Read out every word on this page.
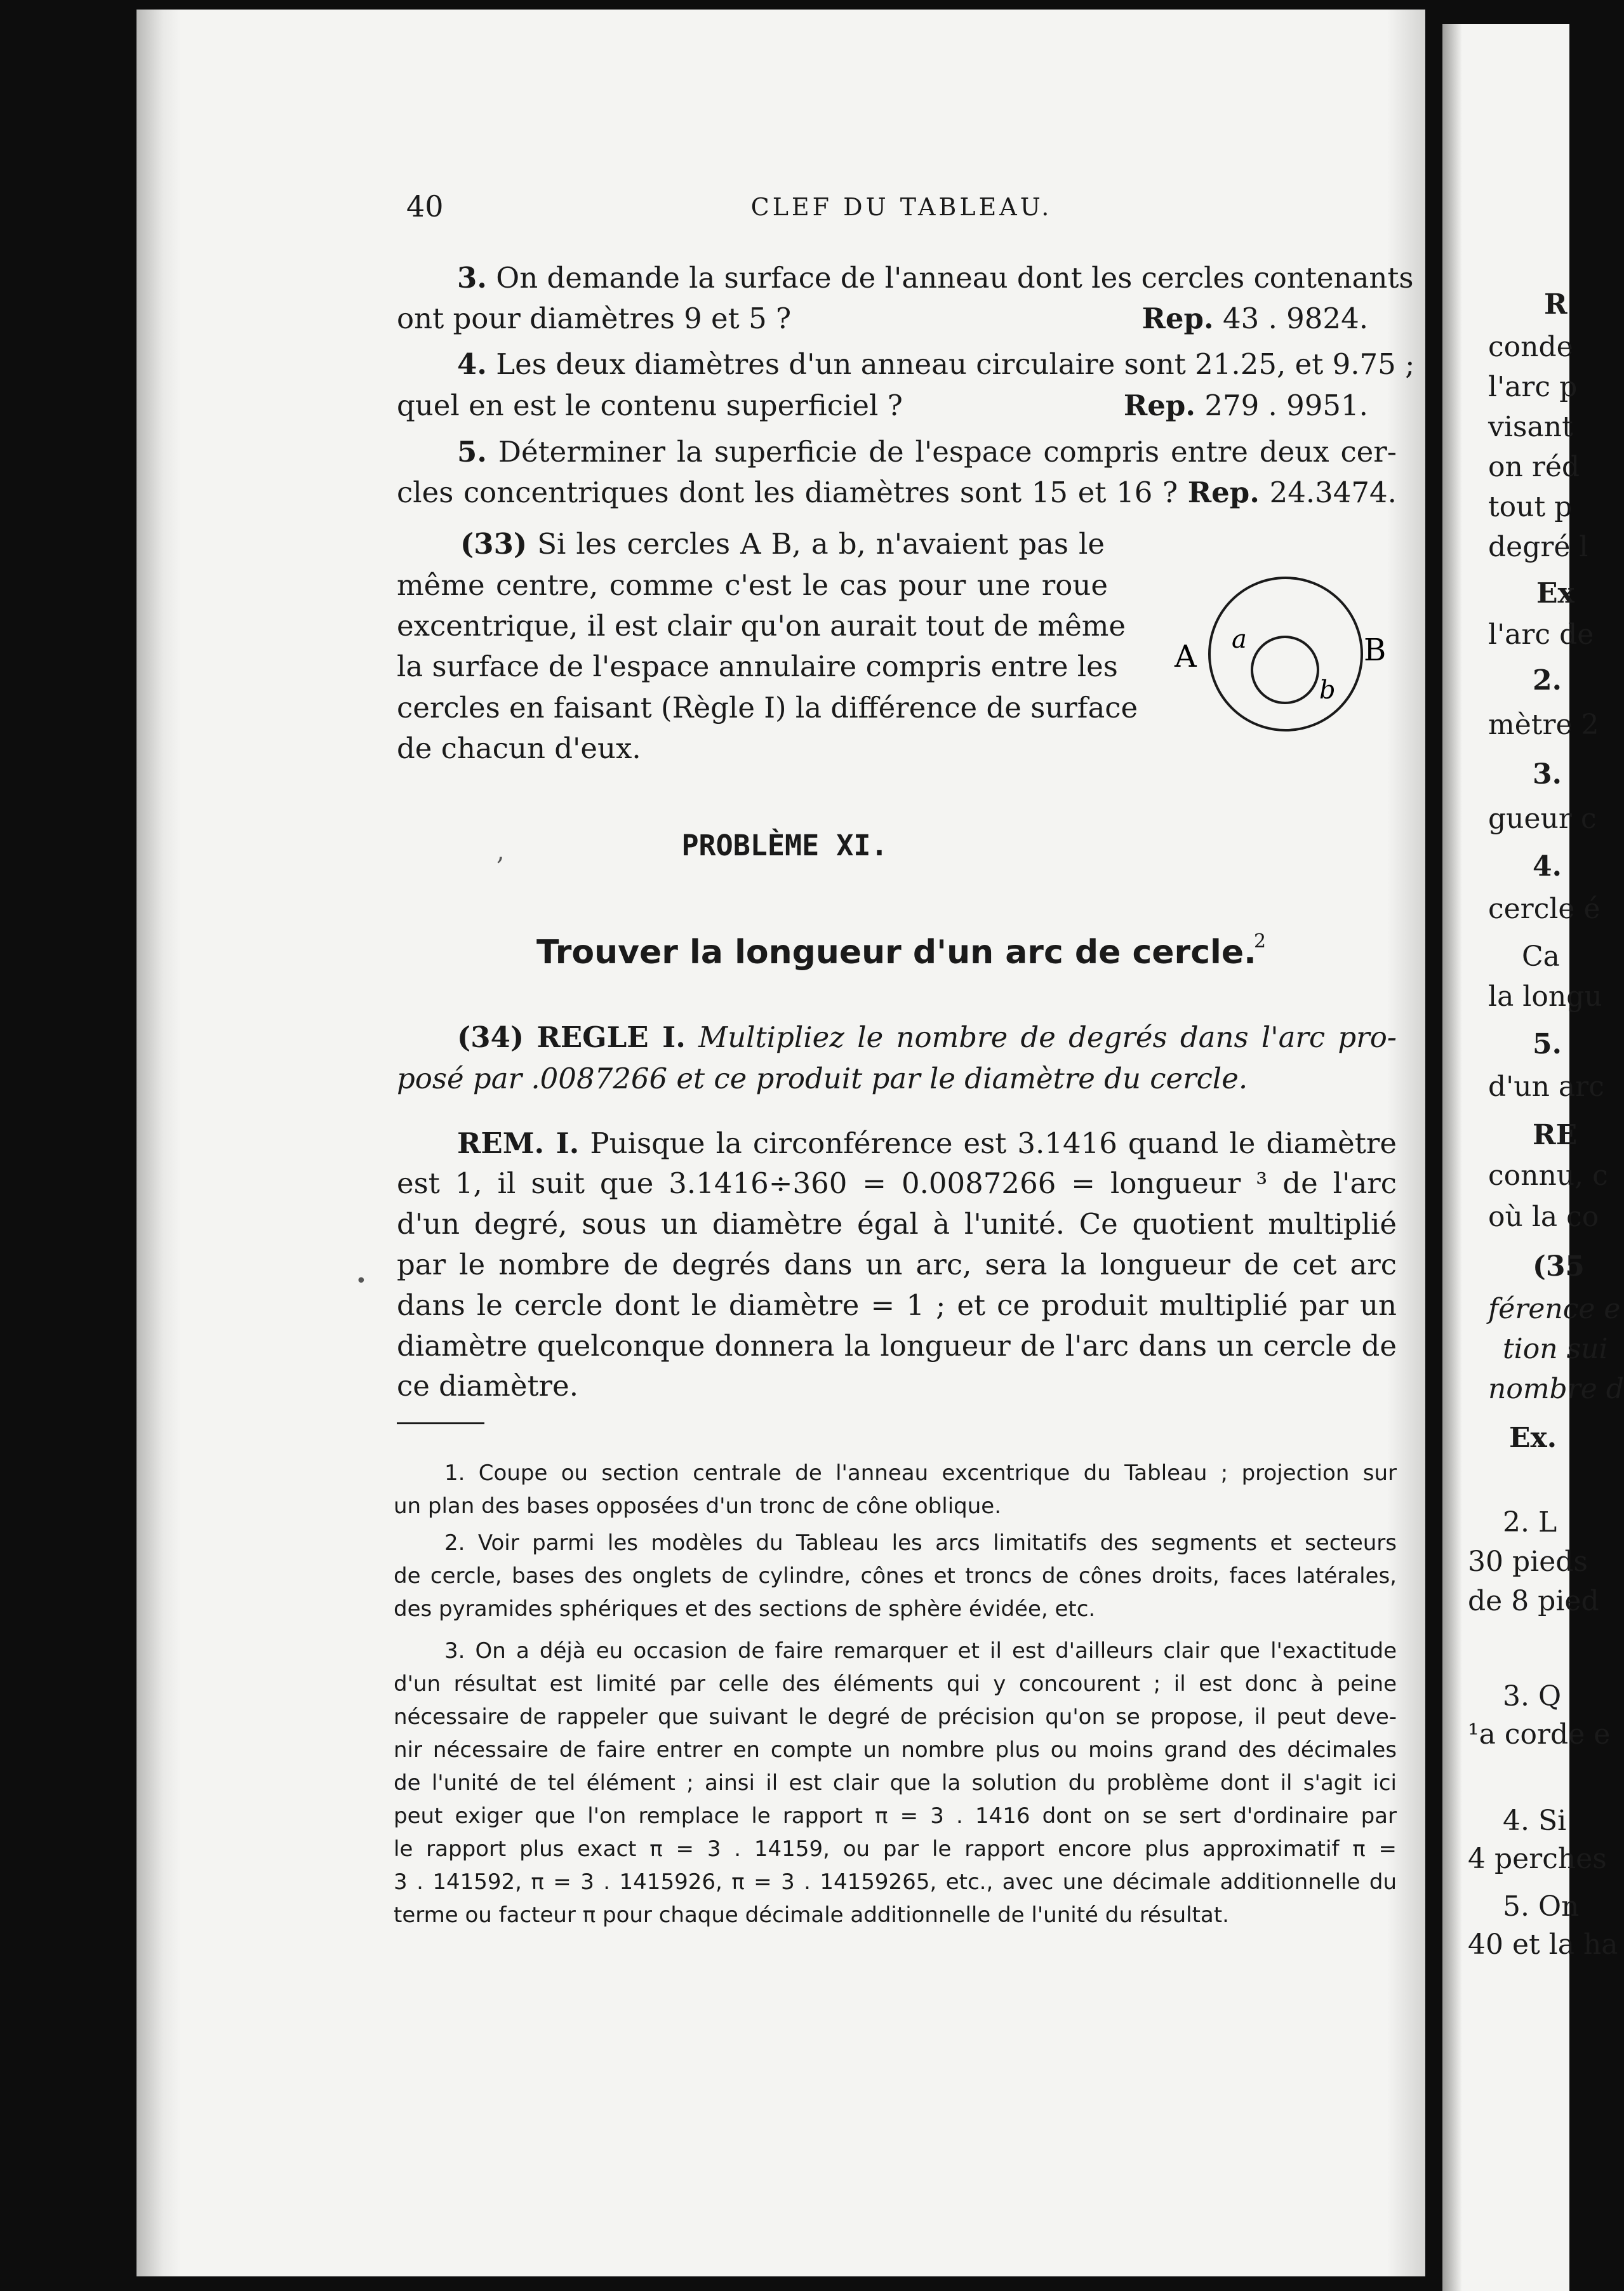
R
conde
l'arc p
visant
on réd
tout p
degré l
Ex
l'arc de
2.
mètre 2
3.
gueur c
4.
cercle é
Ca
la longu
5.
d'un arc
RE
connu, c
où la co
(35
férence e
tion sui
nombre d
Ex.
2. L
30 pieds
de 8 pied
3. Q
¹a corde e
4. Si
4 perches
5. On
40 et la ha
40	CLEF DU TABLEAU.
3. On demande la surface de l'anneau dont les cercles contenants
ont pour diamètres 9 et 5 ?	Rep. 43 . 9824.
4. Les deux diamètres d'un anneau circulaire sont 21.25, et 9.75 ;
quel en est le contenu superficiel ?	Rep. 279 . 9951.
5. Déterminer la superficie de l'espace compris entre deux cer-
cles concentriques dont les diamètres sont 15 et 16 ? Rep. 24.3474.
(33) Si les cercles A B, a b, n'avaient pas le
même centre, comme c'est le cas pour une roue
excentrique, il est clair qu'on aurait tout de même
la surface de l'espace annulaire compris entre les
cercles en faisant (Règle I) la différence de surface
de chacun d'eux.
A	B
a
b
,	PROBLÈME XI.
Trouver la longueur d'un arc de cercle.
2
(34) REGLE I. Multipliez le nombre de degrés dans l'arc pro-
posé par .0087266 et ce produit par le diamètre du cercle.
REM. I. Puisque la circonférence est 3.1416 quand le diamètre
est 1, il suit que 3.1416÷360 = 0.0087266 = longueur ³ de l'arc
d'un degré, sous un diamètre égal à l'unité. Ce quotient multiplié
par le nombre de degrés dans un arc, sera la longueur de cet arc
dans le cercle dont le diamètre = 1 ; et ce produit multiplié par un
diamètre quelconque donnera la longueur de l'arc dans un cercle de
ce diamètre.
1. Coupe ou section centrale de l'anneau excentrique du Tableau ; projection sur
un plan des bases opposées d'un tronc de cône oblique.
2. Voir parmi les modèles du Tableau les arcs limitatifs des segments et secteurs
de cercle, bases des onglets de cylindre, cônes et troncs de cônes droits, faces latérales,
des pyramides sphériques et des sections de sphère évidée, etc.
3. On a déjà eu occasion de faire remarquer et il est d'ailleurs clair que l'exactitude
d'un résultat est limité par celle des éléments qui y concourent ; il est donc à peine
nécessaire de rappeler que suivant le degré de précision qu'on se propose, il peut deve-
nir nécessaire de faire entrer en compte un nombre plus ou moins grand des décimales
de l'unité de tel élément ; ainsi il est clair que la solution du problème dont il s'agit ici
peut exiger que l'on remplace le rapport π = 3 . 1416 dont on se sert d'ordinaire par
le rapport plus exact π = 3 . 14159, ou par le rapport encore plus approximatif π =
3 . 141592, π = 3 . 1415926, π = 3 . 14159265, etc., avec une décimale additionnelle du
terme ou facteur π pour chaque décimale additionnelle de l'unité du résultat.
•
